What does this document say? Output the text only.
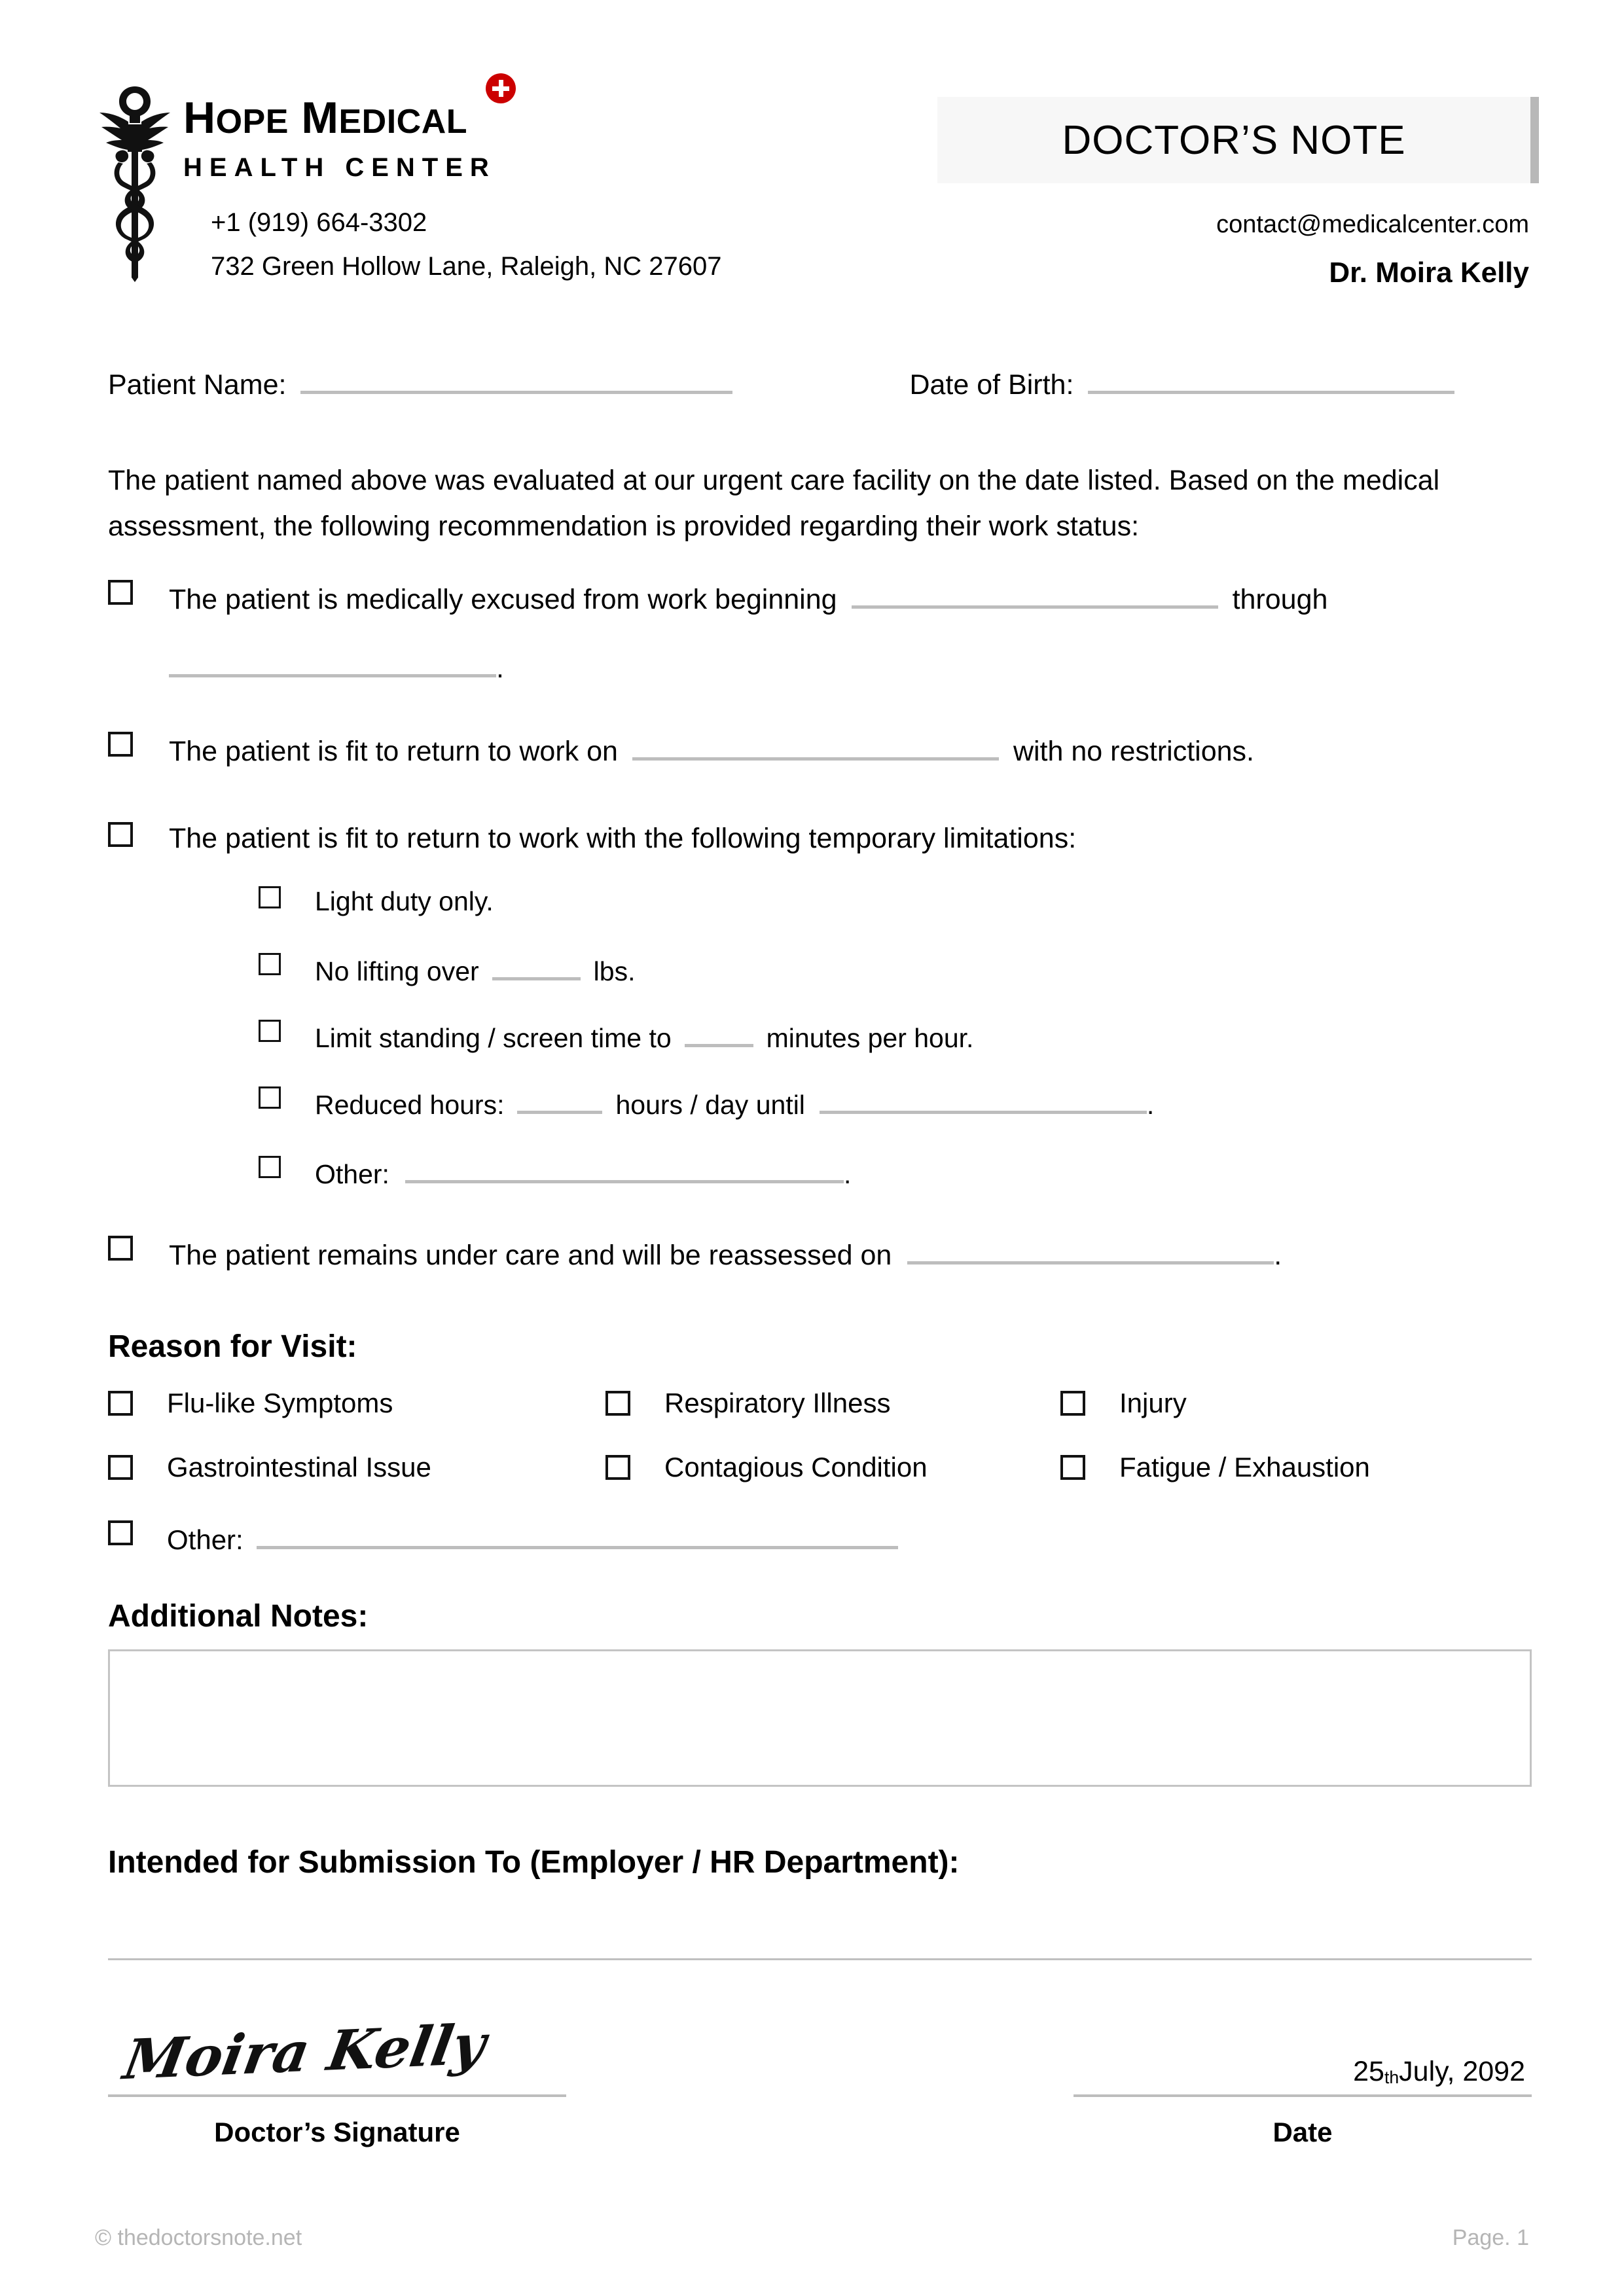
HOPE MEDICAL
HEALTH CENTER
+1 (919) 664-3302
732 Green Hollow Lane, Raleigh, NC 27607
DOCTOR’S NOTE
contact@medicalcenter.com
Dr. Moira Kelly
Patient Name:	Date of Birth:
The patient named above was evaluated at our urgent care facility on the date listed. Based on the medical assessment, the following recommendation is provided regarding their work status:
The patient is medically excused from work beginning	through
.
The patient is fit to return to work on	with no restrictions.
The patient is fit to return to work with the following temporary limitations:
Light duty only.
No lifting over	lbs.
Limit standing / screen time to	minutes per hour.
Reduced hours:	hours / day until	.
Other:	.
The patient remains under care and will be reassessed on	.
Reason for Visit:
Flu-like Symptoms	Respiratory Illness	Injury
Gastrointestinal Issue	Contagious Condition	Fatigue / Exhaustion
Other:
Additional Notes:
Intended for Submission To (Employer / HR Department):
Moira Kelly
Doctor’s Signature
$25_{th}$ July, 2092
Date
© thedoctorsnote.net	Page. 1
